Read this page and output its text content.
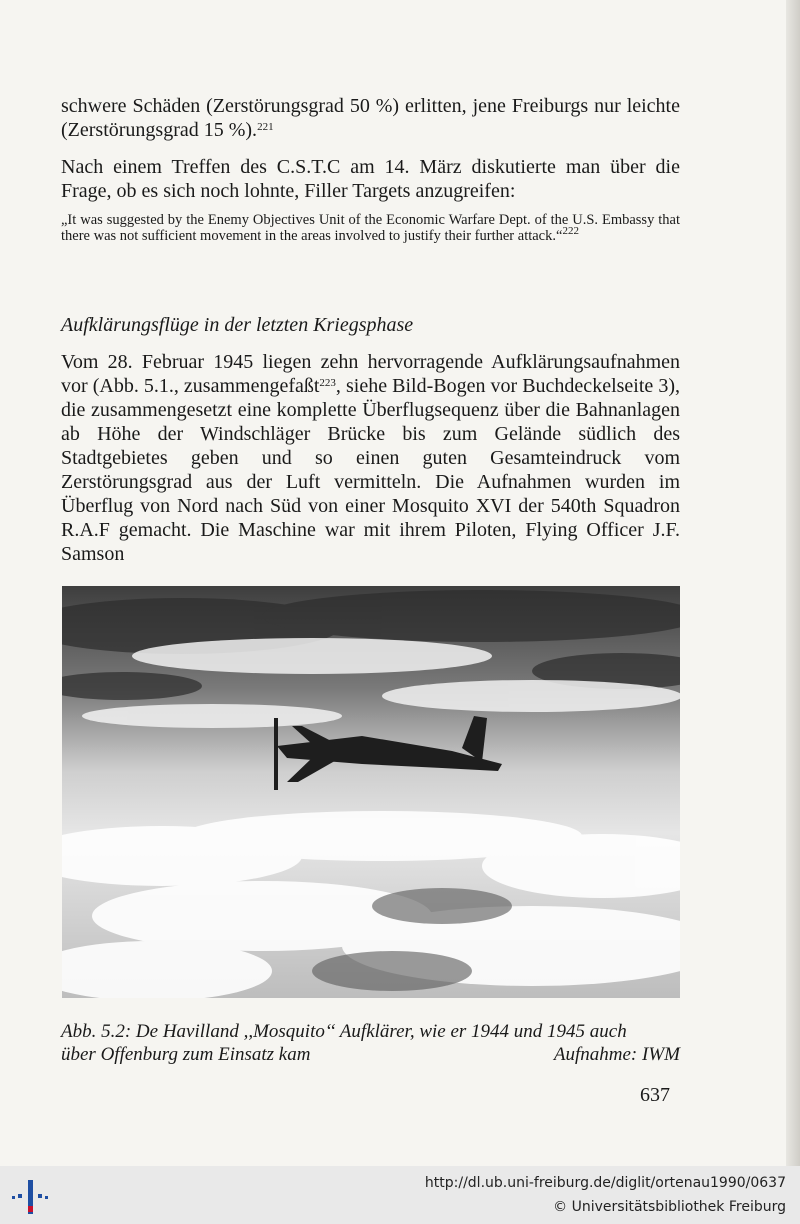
schwere Schäden (Zerstörungsgrad 50 %) erlitten, jene Freiburgs nur leichte (Zerstörungsgrad 15 %).$^{221}$

Nach einem Treffen des C.S.T.C am 14. März diskutierte man über die Frage, ob es sich noch lohnte, Filler Targets anzugreifen:

„It was suggested by the Enemy Objectives Unit of the Economic Warfare Dept. of the U.S. Embassy that there was not sufficient movement in the areas involved to justify their further attack.“$^{222}$

Aufklärungsflüge in der letzten Kriegsphase

Vom 28. Februar 1945 liegen zehn hervorragende Aufklärungsaufnahmen vor (Abb. 5.1., zusammengefaßt$^{223}$, siehe Bild-Bogen vor Buchdeckelseite 3), die zusammengesetzt eine komplette Überflugsequenz über die Bahnanlagen ab Höhe der Windschläger Brücke bis zum Gelände südlich des Stadtgebietes geben und so einen guten Gesamteindruck vom Zerstörungsgrad aus der Luft vermitteln. Die Aufnahmen wurden im Überflug von Nord nach Süd von einer Mosquito XVI der 540th Squadron R.A.F gemacht. Die Maschine war mit ihrem Piloten, Flying Officer J.F. Samson

Abb. 5.2: De Havilland ,,Mosquito‘‘ Aufklärer, wie er 1944 und 1945 auch
über Offenburg zum Einsatz kam	Aufnahme: IWM
637
http://dl.ub.uni-freiburg.de/diglit/ortenau1990/0637
© Universitätsbibliothek Freiburg
